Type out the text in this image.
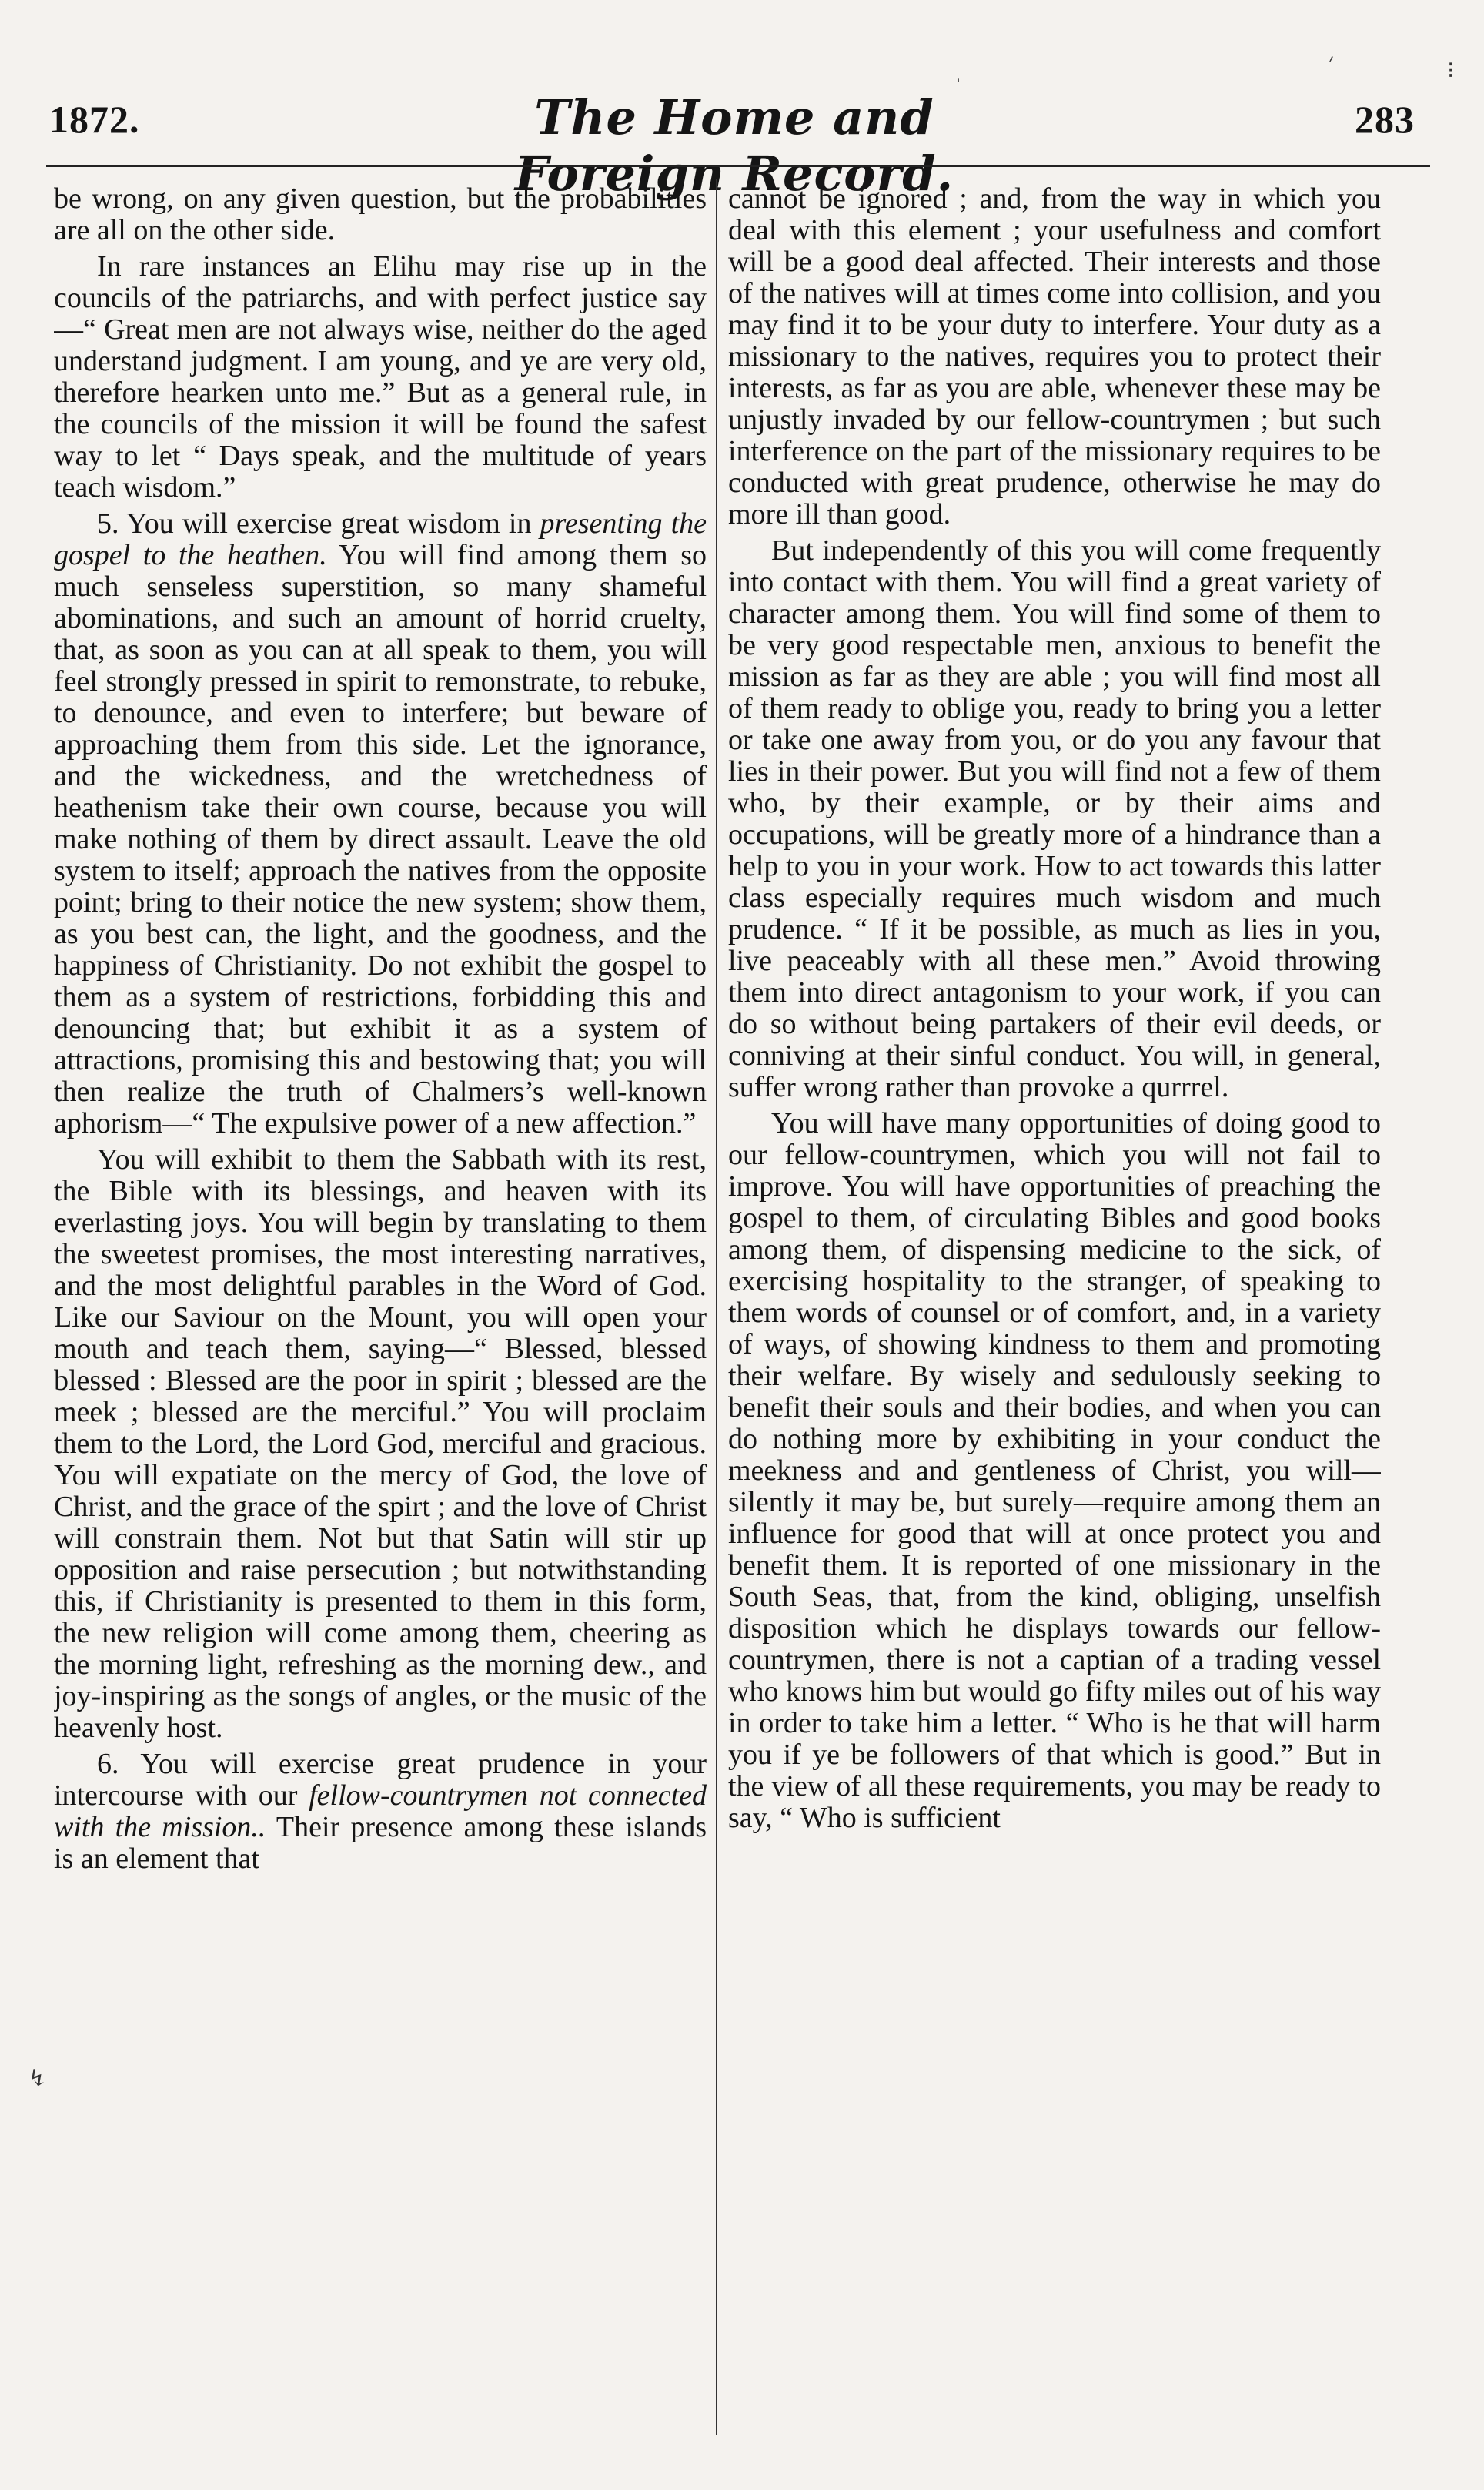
1872.	The Home and Foreign Record.
283
׳
ˈ
⁝
↯

be wrong, on any given question, but the probabilities are all on the other side.

In rare instances an Elihu may rise up in the councils of the patriarchs, and with perfect justice say—“ Great men are not always wise, neither do the aged understand judgment. I am young, and ye are very old, therefore hearken unto me.” But as a general rule, in the councils of the mission it will be found the safest way to let “ Days speak, and the multitude of years teach wisdom.”

5. You will exercise great wisdom in presenting the gospel to the heathen. You will find among them so much senseless superstition, so many shameful abominations, and such an amount of horrid cruelty, that, as soon as you can at all speak to them, you will feel strongly pressed in spirit to remonstrate, to rebuke, to denounce, and even to interfere; but beware of approaching them from this side. Let the ignorance, and the wickedness, and the wretchedness of heathenism take their own course, because you will make nothing of them by direct assault. Leave the old system to itself; approach the natives from the opposite point; bring to their notice the new system; show them, as you best can, the light, and the goodness, and the happiness of Christianity. Do not exhibit the gospel to them as a system of restrictions, forbidding this and denouncing that; but exhibit it as a system of attractions, promising this and bestowing that; you will then realize the truth of Chalmers’s well-known aphorism—“ The expulsive power of a new affection.”

You will exhibit to them the Sabbath with its rest, the Bible with its blessings, and heaven with its everlasting joys. You will begin by translating to them the sweetest promises, the most interesting narratives, and the most delightful parables in the Word of God. Like our Saviour on the Mount, you will open your mouth and teach them, saying—“ Blessed, blessed blessed : Blessed are the poor in spirit ; blessed are the meek ; blessed are the merciful.” You will proclaim them to the Lord, the Lord God, merciful and gracious. You will expatiate on the mercy of God, the love of Christ, and the grace of the spirt ; and the love of Christ will constrain them. Not but that Satin will stir up opposition and raise persecution ; but notwithstanding this, if Christianity is presented to them in this form, the new religion will come among them, cheering as the morning light, refreshing as the morning dew., and joy-inspiring as the songs of angles, or the music of the heavenly host.

6. You will exercise great prudence in your intercourse with our fellow-countrymen not connected with the mission.. Their presence among these islands is an element that

cannot be ignored ; and, from the way in which you deal with this element ; your usefulness and comfort will be a good deal affected. Their interests and those of the natives will at times come into collision, and you may find it to be your duty to interfere. Your duty as a missionary to the natives, requires you to protect their interests, as far as you are able, whenever these may be unjustly invaded by our fellow-countrymen ; but such interference on the part of the missionary requires to be conducted with great prudence, otherwise he may do more ill than good.

But independently of this you will come frequently into contact with them. You will find a great variety of character among them. You will find some of them to be very good respectable men, anxious to benefit the mission as far as they are able ; you will find most all of them ready to oblige you, ready to bring you a letter or take one away from you, or do you any favour that lies in their power. But you will find not a few of them who, by their example, or by their aims and occupations, will be greatly more of a hindrance than a help to you in your work. How to act towards this latter class especially requires much wisdom and much prudence. “ If it be possible, as much as lies in you, live peaceably with all these men.” Avoid throwing them into direct antagonism to your work, if you can do so without being partakers of their evil deeds, or conniving at their sinful conduct. You will, in general, suffer wrong rather than provoke a qurrrel.

You will have many opportunities of doing good to our fellow-countrymen, which you will not fail to improve. You will have opportunities of preaching the gospel to them, of circulating Bibles and good books among them, of dispensing medicine to the sick, of exercising hospitality to the stranger, of speaking to them words of counsel or of comfort, and, in a variety of ways, of showing kindness to them and promoting their welfare. By wisely and sedulously seeking to benefit their souls and their bodies, and when you can do nothing more by exhibiting in your conduct the meekness and and gentleness of Christ, you will—silently it may be, but surely—require among them an influence for good that will at once protect you and benefit them. It is reported of one missionary in the South Seas, that, from the kind, obliging, unselfish disposition which he displays towards our fellow-countrymen, there is not a captian of a trading vessel who knows him but would go fifty miles out of his way in order to take him a letter. “ Who is he that will harm you if ye be followers of that which is good.” But in the view of all these requirements, you may be ready to say, “ Who is sufficient
